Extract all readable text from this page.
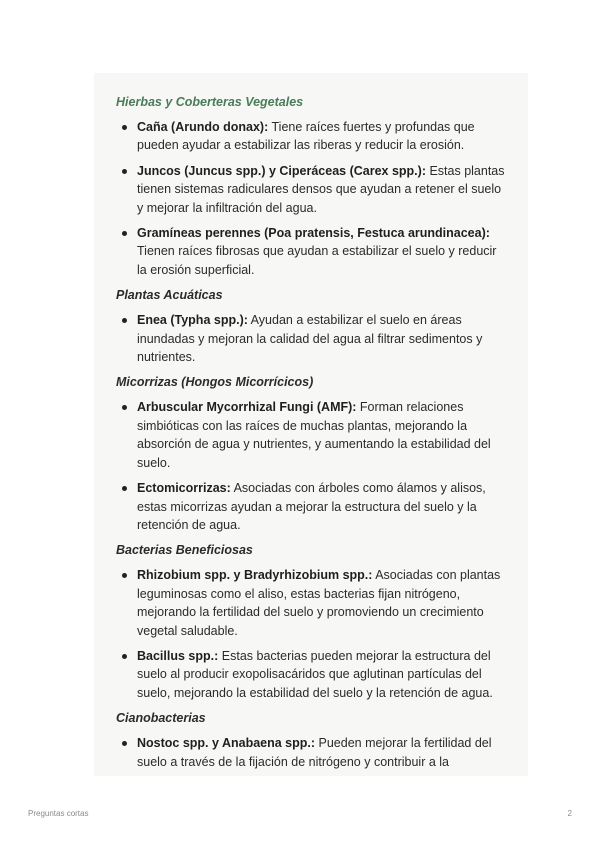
Hierbas y Coberteras Vegetales
Caña (Arundo donax): Tiene raíces fuertes y profundas que pueden ayudar a estabilizar las riberas y reducir la erosión.
Juncos (Juncus spp.) y Ciperáceas (Carex spp.): Estas plantas tienen sistemas radiculares densos que ayudan a retener el suelo y mejorar la infiltración del agua.
Gramíneas perennes (Poa pratensis, Festuca arundinacea): Tienen raíces fibrosas que ayudan a estabilizar el suelo y reducir la erosión superficial.
Plantas Acuáticas
Enea (Typha spp.): Ayudan a estabilizar el suelo en áreas inundadas y mejoran la calidad del agua al filtrar sedimentos y nutrientes.
Micorrizas (Hongos Micorrícicos)
Arbuscular Mycorrhizal Fungi (AMF): Forman relaciones simbióticas con las raíces de muchas plantas, mejorando la absorción de agua y nutrientes, y aumentando la estabilidad del suelo.
Ectomicorrizas: Asociadas con árboles como álamos y alisos, estas micorrizas ayudan a mejorar la estructura del suelo y la retención de agua.
Bacterias Beneficiosas
Rhizobium spp. y Bradyrhizobium spp.: Asociadas con plantas leguminosas como el aliso, estas bacterias fijan nitrógeno, mejorando la fertilidad del suelo y promoviendo un crecimiento vegetal saludable.
Bacillus spp.: Estas bacterias pueden mejorar la estructura del suelo al producir exopolisacáridos que aglutinan partículas del suelo, mejorando la estabilidad del suelo y la retención de agua.
Cianobacterias
Nostoc spp. y Anabaena spp.: Pueden mejorar la fertilidad del suelo a través de la fijación de nitrógeno y contribuir a la
Preguntas cortas	2
